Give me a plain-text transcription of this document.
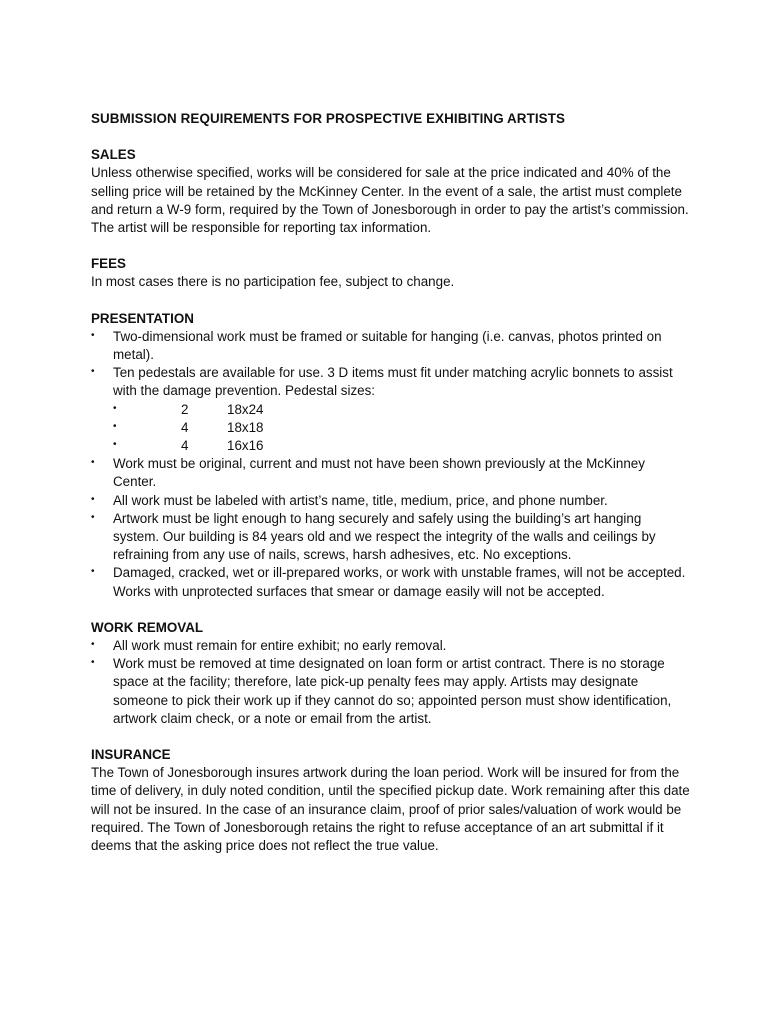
SUBMISSION REQUIREMENTS FOR PROSPECTIVE EXHIBITING ARTISTS
SALES

Unless otherwise specified, works will be considered for sale at the price indicated and 40% of the selling price will be retained by the McKinney Center. In the event of a sale, the artist must complete and return a W-9 form, required by the Town of Jonesborough in order to pay the artist’s commission. The artist will be responsible for reporting tax information.

FEES

In most cases there is no participation fee, subject to change.

PRESENTATION
• Two-dimensional work must be framed or suitable for hanging (i.e. canvas, photos printed on metal).
• Ten pedestals are available for use. 3 D items must fit under matching acrylic bonnets to assist with the damage prevention. Pedestal sizes:
•	2	18x24
•	4	18x18
•	4	16x16
• Work must be original, current and must not have been shown previously at the McKinney Center.
• All work must be labeled with artist’s name, title, medium, price, and phone number.
• Artwork must be light enough to hang securely and safely using the building’s art hanging system. Our building is 84 years old and we respect the integrity of the walls and ceilings by refraining from any use of nails, screws, harsh adhesives, etc. No exceptions.
• Damaged, cracked, wet or ill-prepared works, or work with unstable frames, will not be accepted. Works with unprotected surfaces that smear or damage easily will not be accepted.
WORK REMOVAL
• All work must remain for entire exhibit; no early removal.
• Work must be removed at time designated on loan form or artist contract. There is no storage space at the facility; therefore, late pick-up penalty fees may apply. Artists may designate someone to pick their work up if they cannot do so; appointed person must show identification, artwork claim check, or a note or email from the artist.
INSURANCE

The Town of Jonesborough insures artwork during the loan period. Work will be insured for from the time of delivery, in duly noted condition, until the specified pickup date. Work remaining after this date will not be insured. In the case of an insurance claim, proof of prior sales/valuation of work would be required. The Town of Jonesborough retains the right to refuse acceptance of an art submittal if it deems that the asking price does not reflect the true value.
